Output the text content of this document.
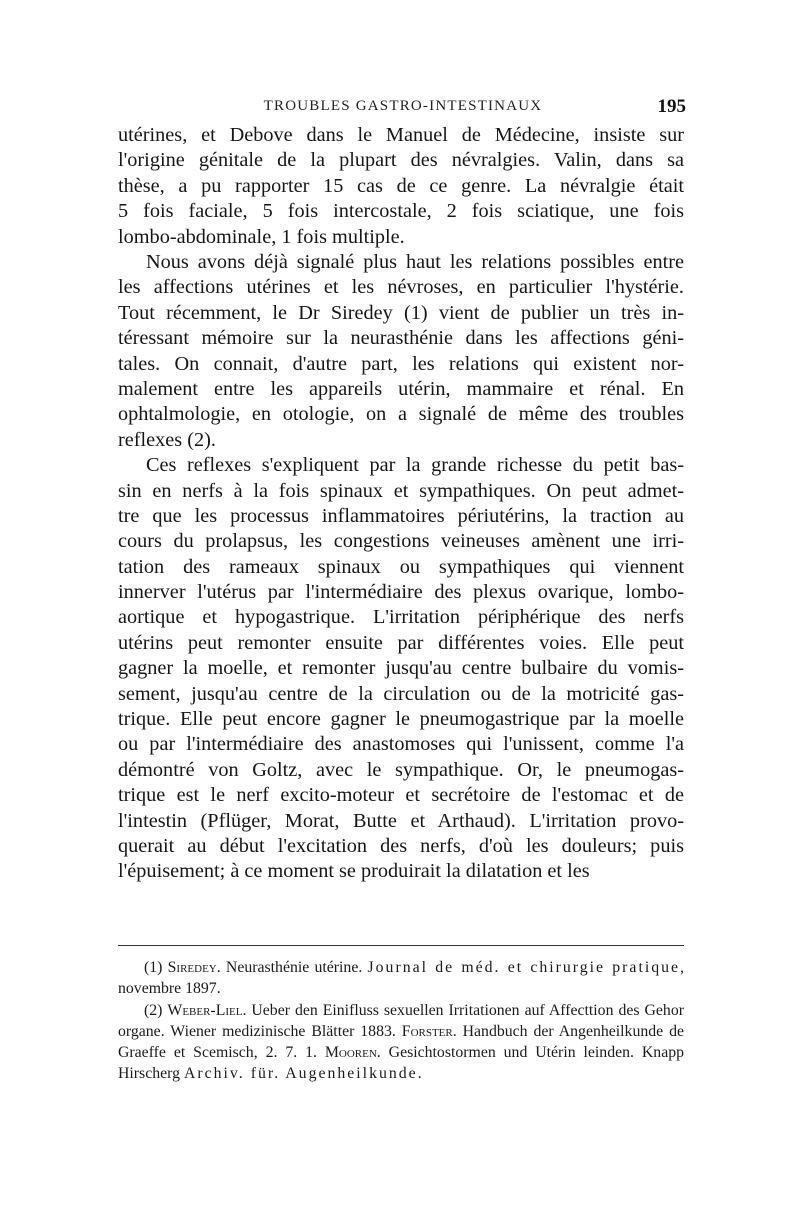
TROUBLES GASTRO-INTESTINAUX	195
utérines, et Debove dans le Manuel de Médecine, insiste sur
l'origine génitale de la plupart des névralgies. Valin, dans sa
thèse, a pu rapporter 15 cas de ce genre. La névralgie était
5 fois faciale, 5 fois intercostale, 2 fois sciatique, une fois
lombo-abdominale, 1 fois multiple.
Nous avons déjà signalé plus haut les relations possibles entre
les affections utérines et les névroses, en particulier l'hystérie.
Tout récemment, le Dr Siredey (1) vient de publier un très in-
téressant mémoire sur la neurasthénie dans les affections géni-
tales. On connait, d'autre part, les relations qui existent nor-
malement entre les appareils utérin, mammaire et rénal. En
ophtalmologie, en otologie, on a signalé de même des troubles
reflexes (2).
Ces reflexes s'expliquent par la grande richesse du petit bas-
sin en nerfs à la fois spinaux et sympathiques. On peut admet-
tre que les processus inflammatoires périutérins, la traction au
cours du prolapsus, les congestions veineuses amènent une irri-
tation des rameaux spinaux ou sympathiques qui viennent
innerver l'utérus par l'intermédiaire des plexus ovarique, lombo-
aortique et hypogastrique. L'irritation périphérique des nerfs
utérins peut remonter ensuite par différentes voies. Elle peut
gagner la moelle, et remonter jusqu'au centre bulbaire du vomis-
sement, jusqu'au centre de la circulation ou de la motricité gas-
trique. Elle peut encore gagner le pneumogastrique par la moelle
ou par l'intermédiaire des anastomoses qui l'unissent, comme l'a
démontré von Goltz, avec le sympathique. Or, le pneumogas-
trique est le nerf excito-moteur et secrétoire de l'estomac et de
l'intestin (Pflüger, Morat, Butte et Arthaud). L'irritation provo-
querait au début l'excitation des nerfs, d'où les douleurs; puis
l'épuisement; à ce moment se produirait la dilatation et les

(1) Siredey. Neurasthénie utérine. Journal de méd. et chirurgie pratique, novembre 1897.

(2) Weber-Liel. Ueber den Einifluss sexuellen Irritationen auf Affecttion des Gehor organe. Wiener medizinische Blätter 1883. Forster. Handbuch der Angenheilkunde de Graeffe et Scemisch, 2. 7. 1. Mooren. Gesichtostormen und Utérin leinden. Knapp Hirscherg Archiv. für. Augenheilkunde.
